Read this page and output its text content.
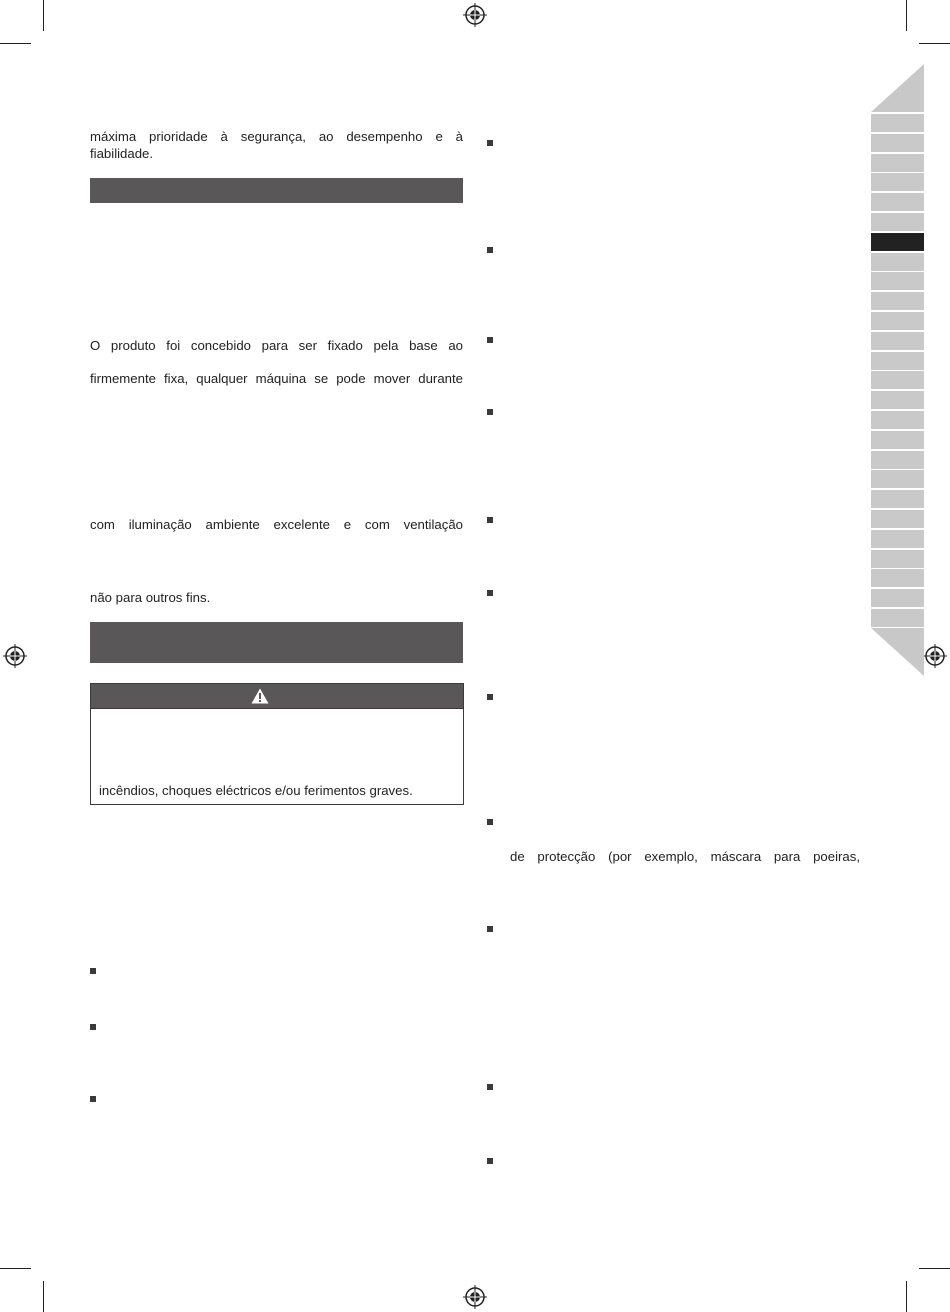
máxima prioridade à segurança, ao desempenho e à
fiabilidade.
O produto foi concebido para ser fixado pela base ao
firmemente fixa, qualquer máquina se pode mover durante
com iluminação ambiente excelente e com ventilação
não para outros fins.
incêndios, choques eléctricos e/ou ferimentos graves.
de protecção (por exemplo, máscara para poeiras,
